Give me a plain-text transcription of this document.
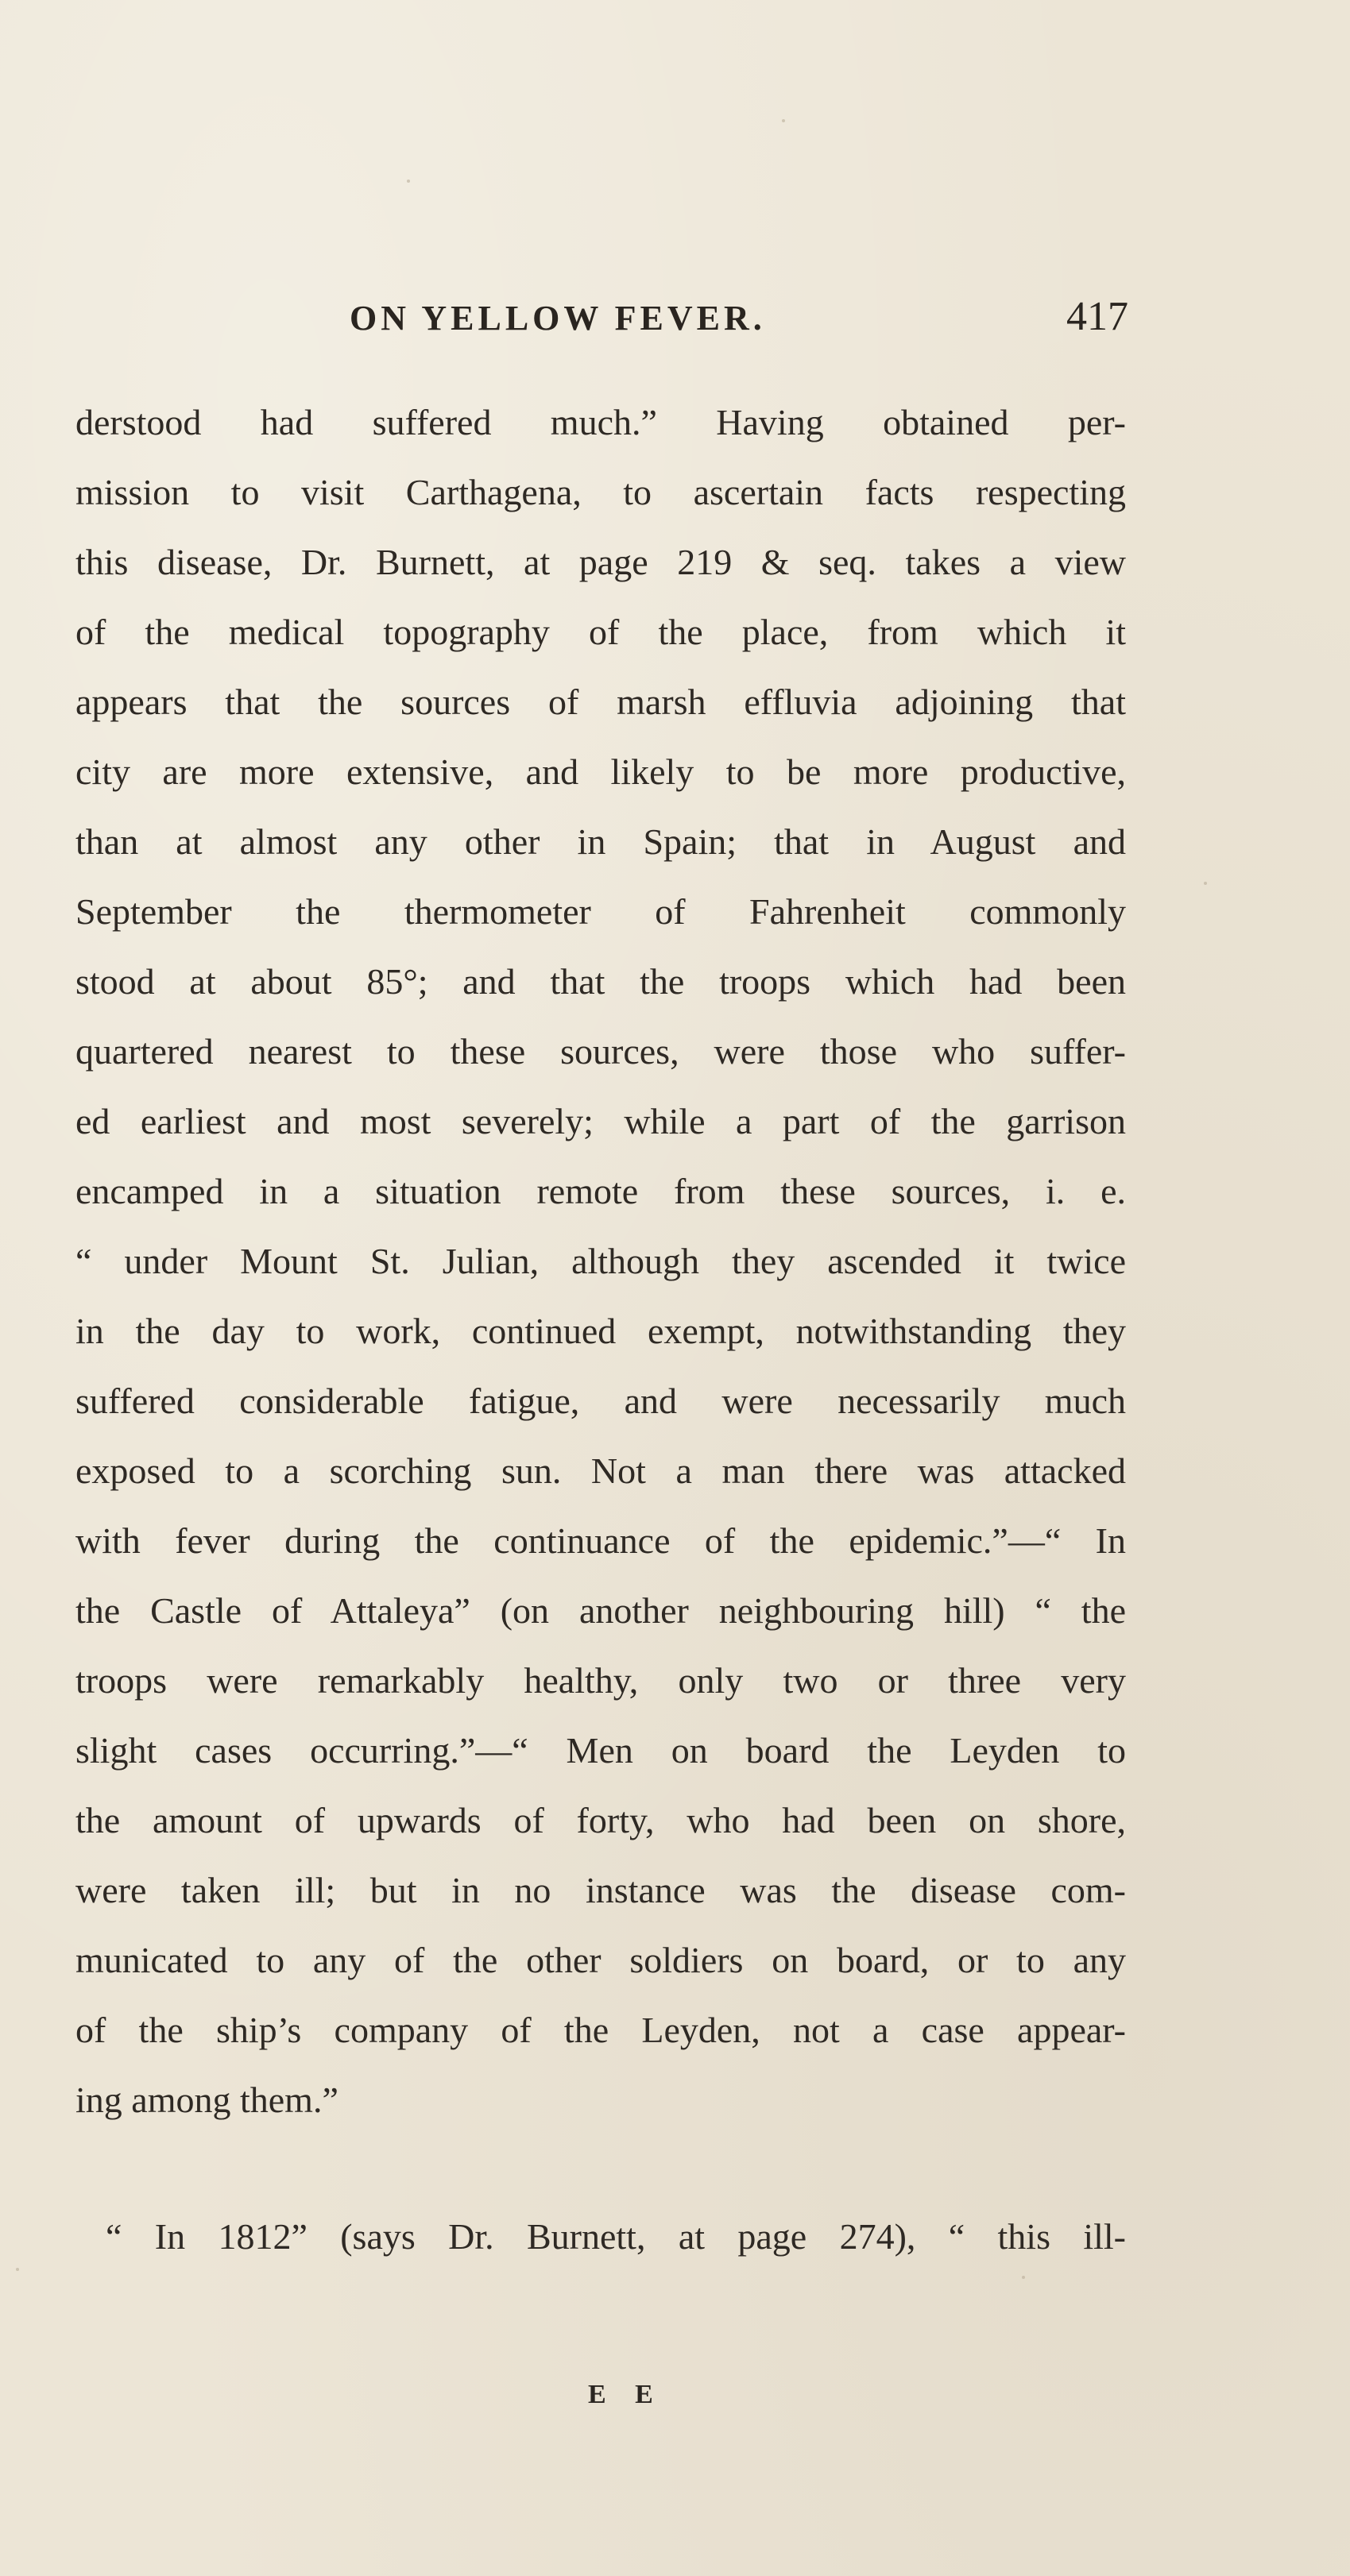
ON YELLOW FEVER.	417
derstood had suffered much.” Having obtained per-
mission to visit Carthagena, to ascertain facts respecting
this disease, Dr. Burnett, at page 219 & seq. takes a view
of the medical topography of the place, from which it
appears that the sources of marsh effluvia adjoining that
city are more extensive, and likely to be more productive,
than at almost any other in Spain; that in August and
September the thermometer of Fahrenheit commonly
stood at about 85°; and that the troops which had been
quartered nearest to these sources, were those who suffer-
ed earliest and most severely; while a part of the garrison
encamped in a situation remote from these sources, i. e.
“ under Mount St. Julian, although they ascended it twice
in the day to work, continued exempt, notwithstanding they
suffered considerable fatigue, and were necessarily much
exposed to a scorching sun. Not a man there was attacked
with fever during the continuance of the epidemic.”—“ In
the Castle of Attaleya” (on another neighbouring hill) “ the
troops were remarkably healthy, only two or three very
slight cases occurring.”—“ Men on board the Leyden to
the amount of upwards of forty, who had been on shore,
were taken ill; but in no instance was the disease com-
municated to any of the other soldiers on board, or to any
of the ship’s company of the Leyden, not a case appear-
ing among them.”
“ In 1812” (says Dr. Burnett, at page 274), “ this ill-
E E
